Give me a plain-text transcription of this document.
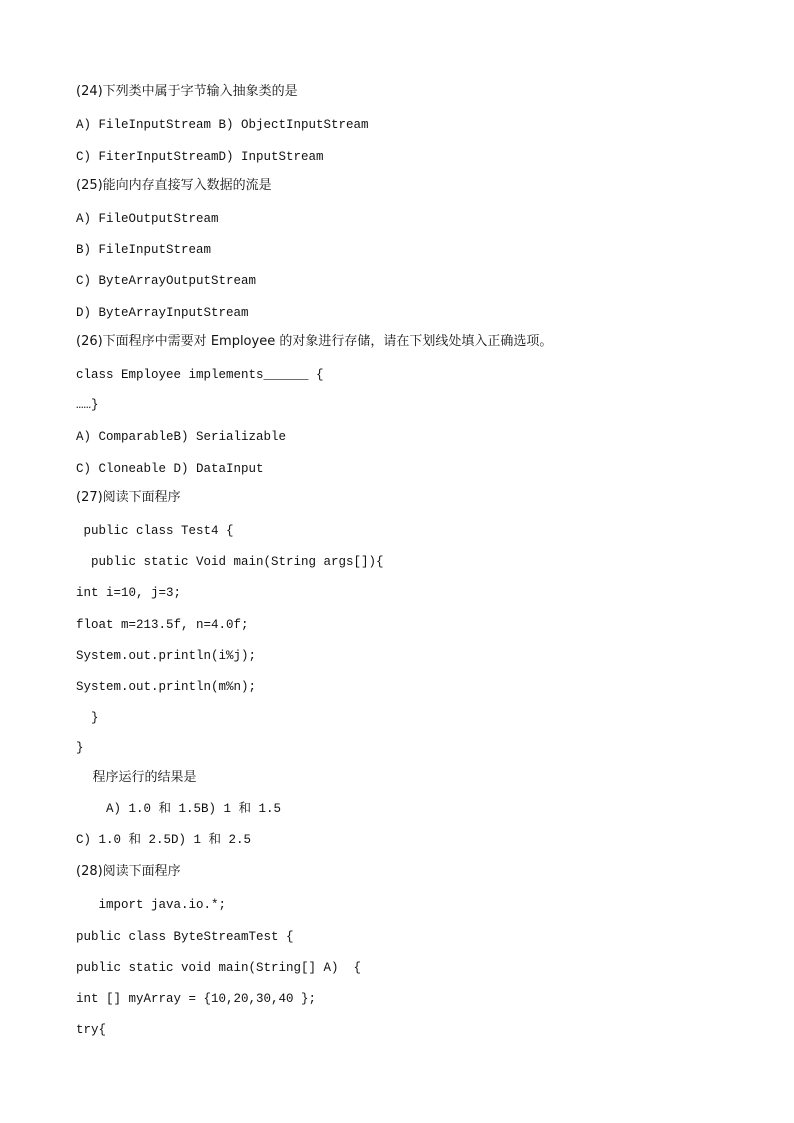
(24)下列类中属于字节输入抽象类的是
A) FileInputStream B) ObjectInputStream
C) FiterInputStreamD) InputStream
(25)能向内存直接写入数据的流是
A) FileOutputStream
B) FileInputStream
C) ByteArrayOutputStream
D) ByteArrayInputStream
(26)下面程序中需要对 Employee 的对象进行存储，请在下划线处填入正确选项。
class Employee implements______ {
……}
A) ComparableB) Serializable
C) Cloneable D) DataInput
(27)阅读下面程序
public class Test4 {
public static Void main(String args[]){
int i=10, j=3;
float m=213.5f, n=4.0f;
System.out.println(i%j);
System.out.println(m%n);
}
}
程序运行的结果是
A) 1.0 和 1.5B) 1 和 1.5
C) 1.0 和 2.5D) 1 和 2.5
(28)阅读下面程序
import java.io.*;
public class ByteStreamTest {
public static void main(String[] A)  {
int [] myArray = {10,20,30,40 };
try{
